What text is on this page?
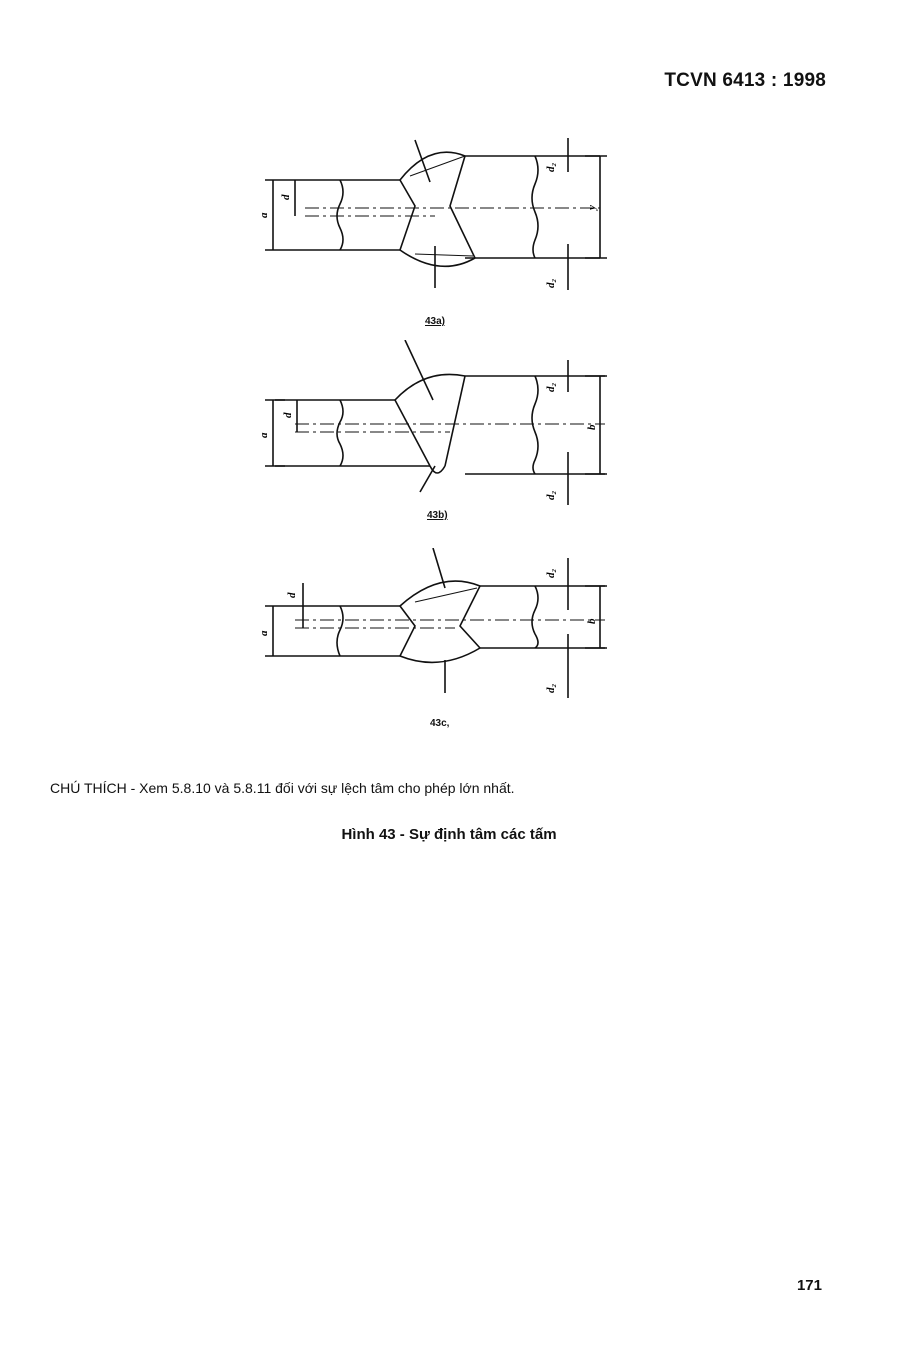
TCVN 6413 : 1998
a
d
d₂
y
d₂
43a)
a
d
d₂
b
d₂
43b)
a
d
d₂
b
d₂
43c,
CHÚ THÍCH - Xem 5.8.10 và 5.8.11 đối với sự lệch tâm cho phép lớn nhất.
Hình 43 - Sự định tâm các tấm
171
